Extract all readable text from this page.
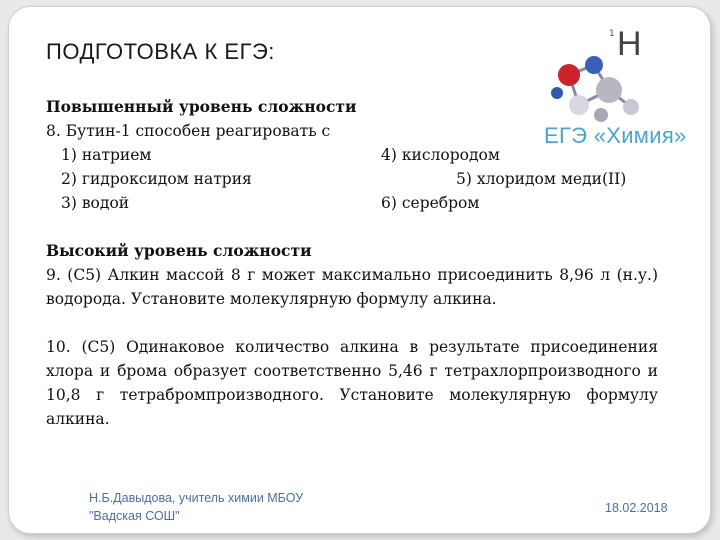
ПОДГОТОВКА К ЕГЭ:
1 H
ЕГЭ «Химия»
Повышенный уровень сложности
8. Бутин-1 способен реагировать с
1) натрием
2) гидроксидом натрия
3) водой
4) кислородом
5) хлоридом меди(II)
6) серебром
Высокий уровень сложности
9. (С5) Алкин массой 8 г может максимально присоединить 8,96 л (н.у.) водорода. Установите молекулярную формулу алкина.
10. (С5) Одинаковое количество алкина в результате присоединения хлора и брома образует соответственно 5,46 г тетрахлорпроизводного и 10,8 г тетрабромпроизводного. Установите молекулярную формулу алкина.
Н.Б.Давыдова, учитель химии МБОУ
"Вадская СОШ"
18.02.2018
